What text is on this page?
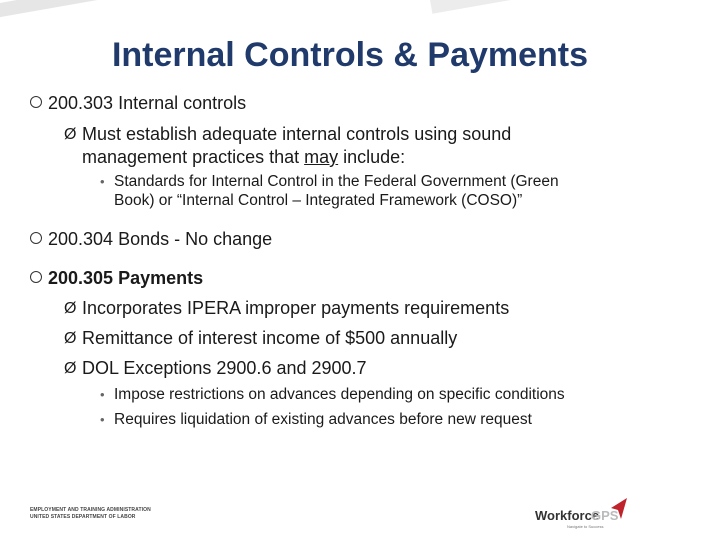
Internal Controls & Payments
200.303 Internal controls
Ø Must establish adequate internal controls using sound
management practices that may include:
• Standards for Internal Control in the Federal Government (Green
Book) or “Internal Control – Integrated Framework (COSO)”
200.304 Bonds - No change
200.305 Payments
Ø Incorporates IPERA improper payments requirements
Ø Remittance of interest income of $500 annually
Ø DOL Exceptions 2900.6 and 2900.7
• Impose restrictions on advances depending on specific conditions
• Requires liquidation of existing advances before new request
EMPLOYMENT AND TRAINING ADMINISTRATION
UNITED STATES DEPARTMENT OF LABOR	Workforce
GPS
Navigate to Success
